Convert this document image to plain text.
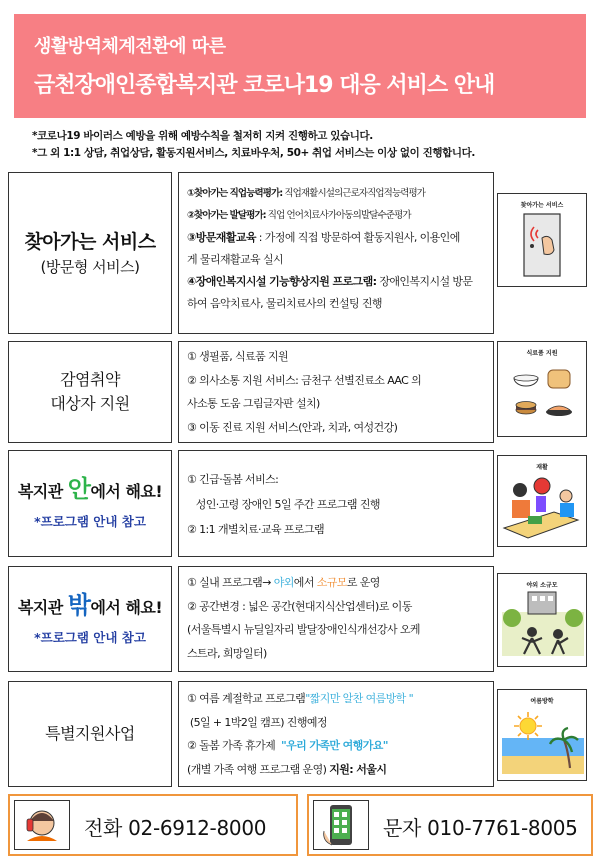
생활방역체계전환에 따른
금천장애인종합복지관 코로나19 대응 서비스 안내
*코로나19 바이러스 예방을 위해 예방수칙을 철저히 지켜 진행하고 있습니다.
*그 외 1:1 상담, 취업상담, 활동지원서비스, 치료바우처, 50+ 취업 서비스는 이상 없이 진행합니다.
찾아가는 서비스
(방문형 서비스)
①찾아가는 직업능력평가: 직업재활시설의근로자직업적능력평가
②찾아가는 발달평가: 직업 언어치료사가아동의발달수준평가
③방문재활교육 : 가정에 직접 방문하여 활동지원사, 이용인에
게 물리재활교육 실시
④장애인복지시설 기능향상지원 프로그램: 장애인복지시설 방문
하여 음악치료사, 물리치료사의 컨설팅 진행
찾아가는 서비스
감염취약
대상자 지원
① 생필품, 식료품 지원
② 의사소통 지원 서비스: 금천구 선별진료소 AAC 의
사소통 도움 그림글자판 설치)
③ 이동 진료 지원 서비스(안과, 치과, 여성건강)
식료품 지원
복지관 안에서 해요!
*프로그램 안내 참고
① 긴급·돌봄 서비스:
성인·고령 장애인 5일 주간 프로그램 진행
② 1:1 개별치료·교육 프로그램
재활
복지관 밖에서 해요!
*프로그램 안내 참고
① 실내 프로그램→ 야외에서 소규모로 운영
② 공간변경 : 넓은 공간(현대지식산업센터)로 이동
(서울특별시 뉴딜일자리 발달장애인식개선강사 오케
스트라, 희망일터)
야외 소규모
특별지원사업
① 여름 계절학교 프로그램"짧지만 알찬 여름방학 "
(5일 + 1박2일 캠프) 진행예정
② 돌봄 가족 휴가제  "우리 가족만 여행가요"
(개별 가족 여행 프로그램 운영) 지원: 서울시
여름방학
전화 02-6912-8000	문자 010-7761-8005
